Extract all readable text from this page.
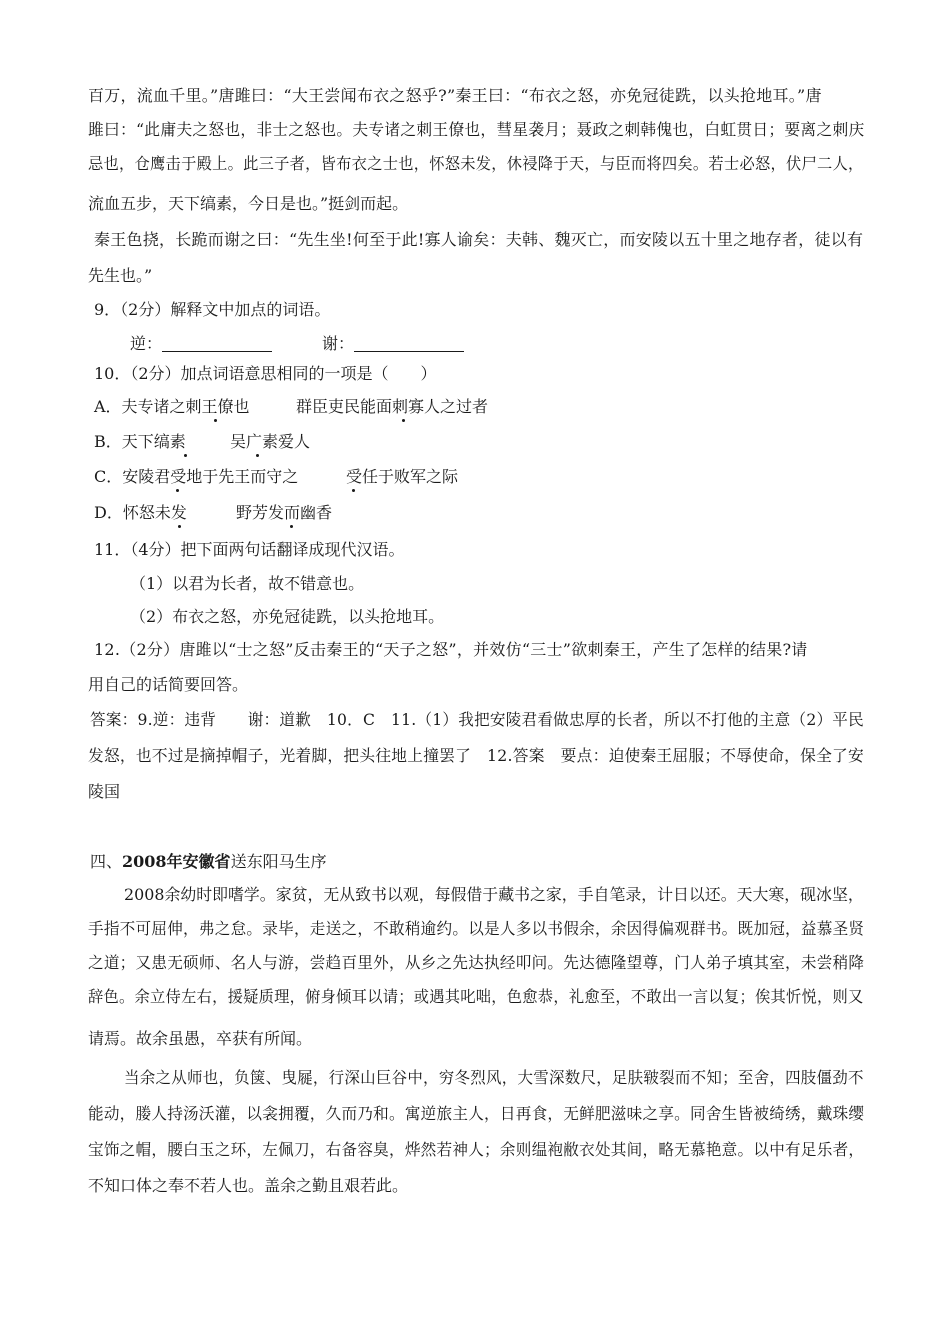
百万，流血千里。”唐雎曰：“大王尝闻布衣之怒乎?”秦王曰：“布衣之怒，亦免冠徒跣，以头抢地耳。”唐
雎曰：“此庸夫之怒也，非士之怒也。夫专诸之刺王僚也，彗星袭月；聂政之刺韩傀也，白虹贯日；要离之刺庆
忌也，仓鹰击于殿上。此三子者，皆布衣之士也，怀怒未发，休祲降于天，与臣而将四矣。若士必怒，伏尸二人，
流血五步，天下缟素，今日是也。”挺剑而起。
秦王色挠，长跪而谢之曰：“先生坐!何至于此!寡人谕矣：夫韩、魏灭亡，而安陵以五十里之地存者，徒以有
先生也。”
9．（2分）解释文中加点的词语。
逆：	谢：
10．（2分）加点词语意思相同的一项是（　　）
A．夫专诸之刺王僚也	群臣吏民能面刺寡人之过者
B．天下缟素	吴广素爱人
C．安陵君受地于先王而守之	受任于败军之际
D．怀怒未发	野芳发而幽香
11．（4分）把下面两句话翻译成现代汉语。
（1）以君为长者，故不错意也。
（2）布衣之怒，亦免冠徒跣，以头抢地耳。
12.（2分）唐雎以“士之怒”反击秦王的“天子之怒”，并效仿“三士”欲刺秦王，产生了怎样的结果?请
用自己的话简要回答。
答案：9.逆：违背　　谢：道歉　10．C　11.（1）我把安陵君看做忠厚的长者，所以不打他的主意（2）平民
发怒，也不过是摘掉帽子，光着脚，把头往地上撞罢了　12.答案　要点：迫使秦王屈服；不辱使命，保全了安
陵国
四、2008年安徽省送东阳马生序
2008余幼时即嗜学。家贫，无从致书以观，每假借于藏书之家，手自笔录，计日以还。天大寒，砚冰坚，
手指不可屈伸，弗之怠。录毕，走送之，不敢稍逾约。以是人多以书假余，余因得偏观群书。既加冠，益慕圣贤
之道；又患无硕师、名人与游，尝趋百里外，从乡之先达执经叩问。先达德隆望尊，门人弟子填其室，未尝稍降
辞色。余立侍左右，援疑质理，俯身倾耳以请；或遇其叱咄，色愈恭，礼愈至，不敢出一言以复；俟其忻悦，则又
请焉。故余虽愚，卒获有所闻。
当余之从师也，负箧、曳屣，行深山巨谷中，穷冬烈风，大雪深数尺，足肤皲裂而不知；至舍，四肢僵劲不
能动，媵人持汤沃灌，以衾拥覆，久而乃和。寓逆旅主人，日再食，无鲜肥滋味之享。同舍生皆被绮绣，戴珠缨
宝饰之帽，腰白玉之环，左佩刀，右备容臭，烨然若神人；余则缊袍敝衣处其间，略无慕艳意。以中有足乐者，
不知口体之奉不若人也。盖余之勤且艰若此。
